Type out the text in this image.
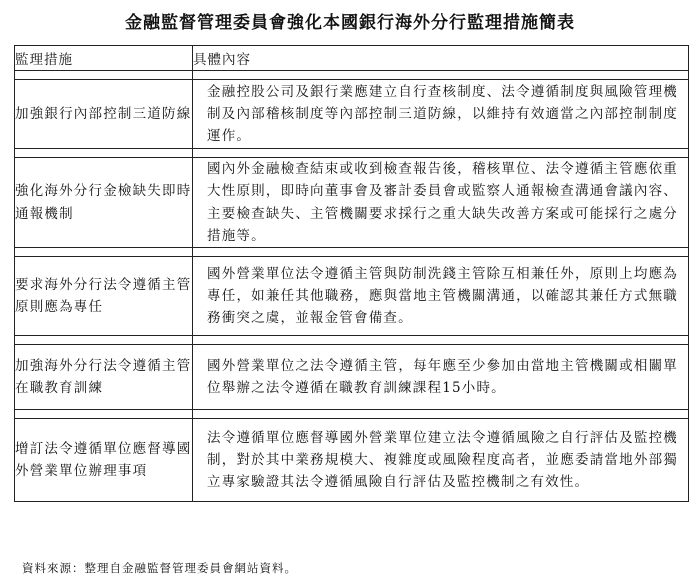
金融監督管理委員會強化本國銀行海外分行監理措施簡表
監理措施	具體內容

加強銀行內部控制三道防線	金融控股公司及銀行業應建立自行查核制度、法令遵循制度與風險管理機制及內部稽核制度等內部控制三道防線，以維持有效適當之內部控制制度運作。

強化海外分行金檢缺失即時通報機制	國內外金融檢查結束或收到檢查報告後，稽核單位、法令遵循主管應依重大性原則，即時向董事會及審計委員會或監察人通報檢查溝通會議內容、主要檢查缺失、主管機關要求採行之重大缺失改善方案或可能採行之處分措施等。

要求海外分行法令遵循主管原則應為專任	國外營業單位法令遵循主管與防制洗錢主管除互相兼任外，原則上均應為專任，如兼任其他職務，應與當地主管機關溝通，以確認其兼任方式無職務衝突之虞，並報金管會備查。

加強海外分行法令遵循主管在職教育訓練	國外營業單位之法令遵循主管，每年應至少參加由當地主管機關或相關單位舉辦之法令遵循在職教育訓練課程15小時。

增訂法令遵循單位應督導國外營業單位辦理事項	法令遵循單位應督導國外營業單位建立法令遵循風險之自行評估及監控機制，對於其中業務規模大、複雜度或風險程度高者，並應委請當地外部獨立專家驗證其法令遵循風險自行評估及監控機制之有效性。
資料來源：整理自金融監督管理委員會網站資料。
